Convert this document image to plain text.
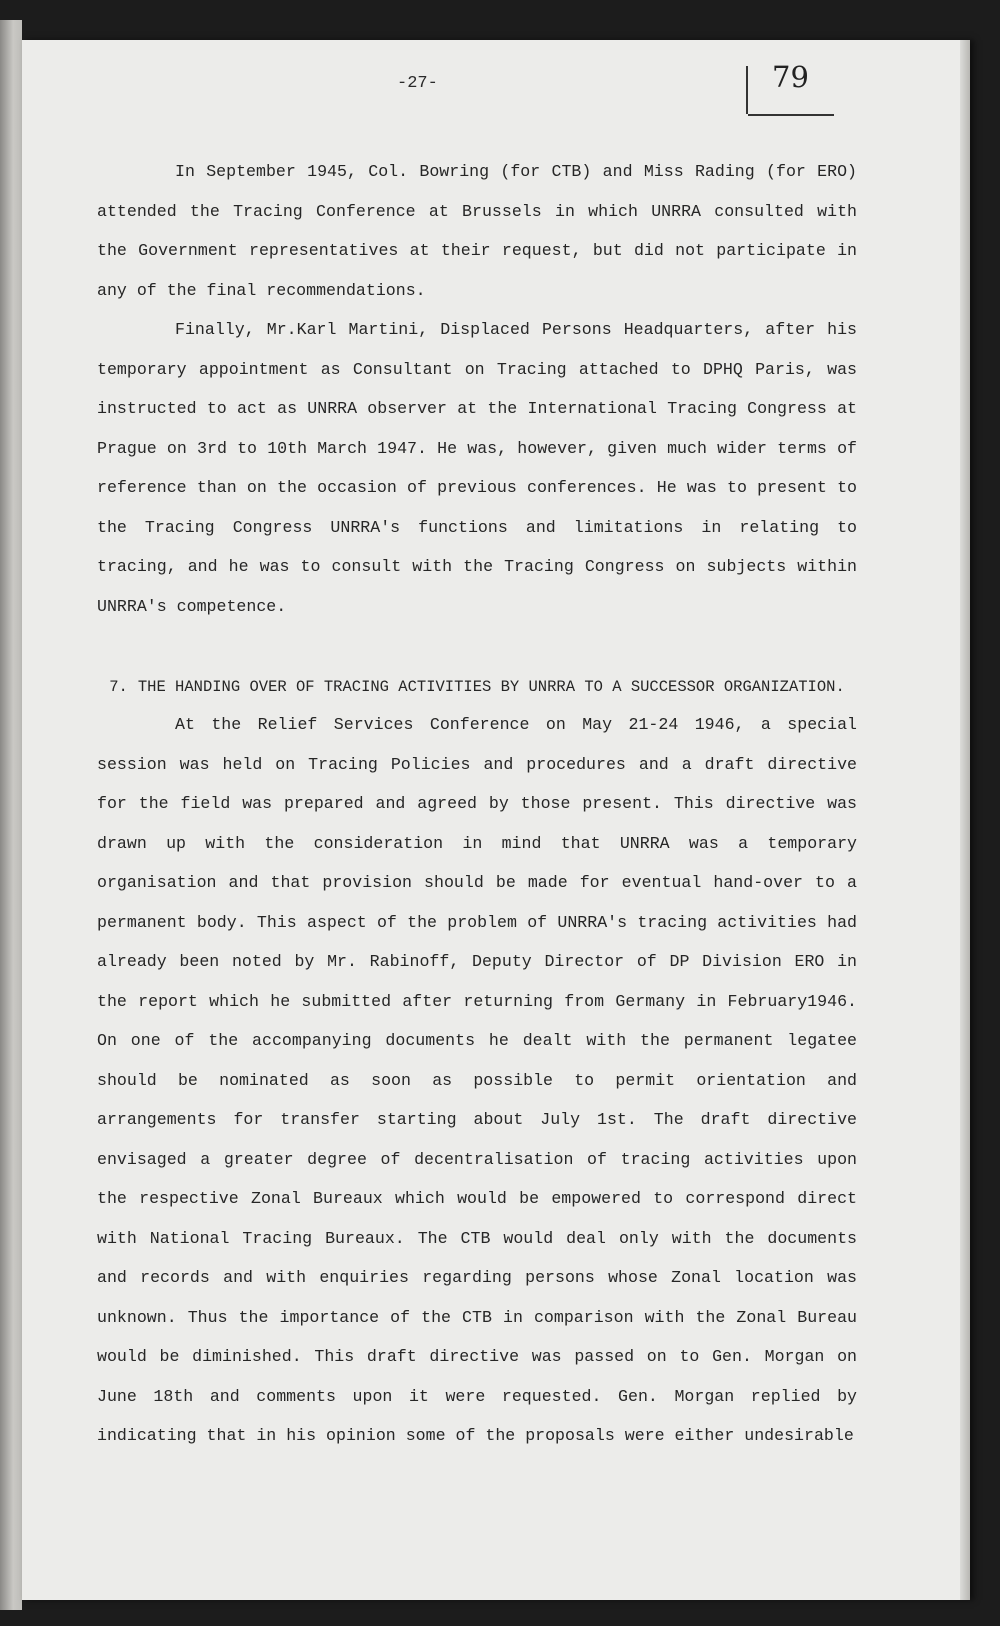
-27-	79

In September 1945, Col. Bowring (for CTB) and Miss Rading (for ERO) attended the Tracing Conference at Brussels in which UNRRA consulted with the Government representatives at their request, but did not participate in any of the final recommendations.

Finally, Mr.Karl Martini, Displaced Persons Headquarters, after his temporary appointment as Consultant on Tracing attached to DPHQ Paris, was instructed to act as UNRRA observer at the International Tracing Congress at Prague on 3rd to 10th March 1947. He was, however, given much wider terms of reference than on the occasion of previous conferences. He was to present to the Tracing Congress UNRRA's functions and limitations in relating to tracing, and he was to consult with the Tracing Congress on subjects within UNRRA's competence.

7. THE HANDING OVER OF TRACING ACTIVITIES BY UNRRA TO A SUCCESSOR ORGANIZATION.

At the Relief Services Conference on May 21-24 1946, a special session was held on Tracing Policies and procedures and a draft directive for the field was prepared and agreed by those present. This directive was drawn up with the consideration in mind that UNRRA was a temporary organisation and that provision should be made for eventual hand-over to a permanent body. This aspect of the problem of UNRRA's tracing activities had already been noted by Mr. Rabinoff, Deputy Director of DP Division ERO in the report which he submitted after returning from Germany in February1946. On one of the accompanying documents he dealt with the permanent legatee should be nominated as soon as possible to permit orientation and arrangements for transfer starting about July 1st. The draft directive envisaged a greater degree of decentralisation of tracing activities upon the respective Zonal Bureaux which would be empowered to correspond direct with National Tracing Bureaux. The CTB would deal only with the documents and records and with enquiries regarding persons whose Zonal location was unknown. Thus the importance of the CTB in comparison with the Zonal Bureau would be diminished. This draft directive was passed on to Gen. Morgan on June 18th and comments upon it were requested. Gen. Morgan replied by indicating that in his opinion some of the proposals were either undesirable
